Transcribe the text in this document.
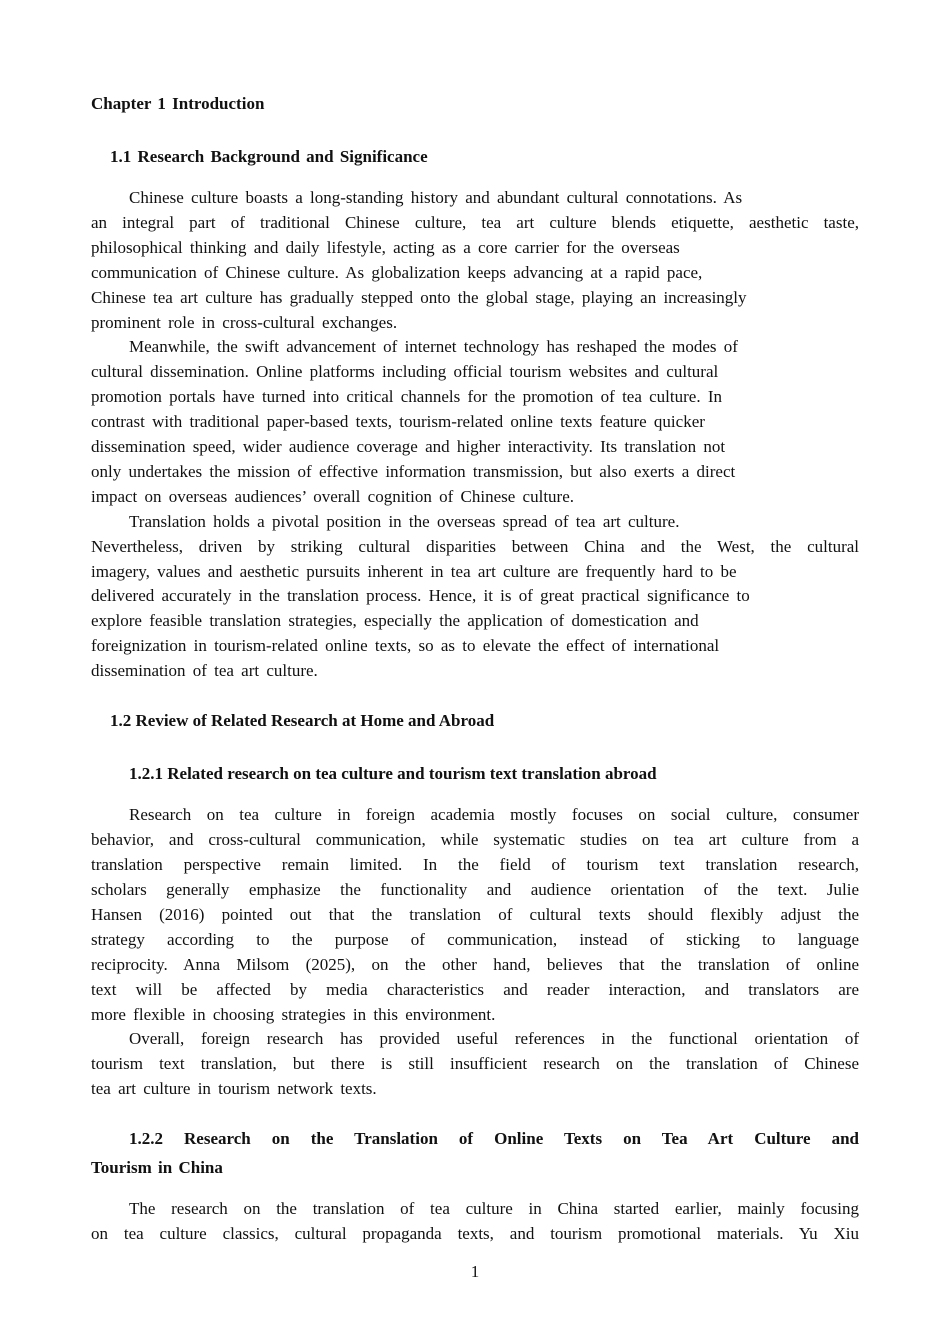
Chapter 1 Introduction
1.1 Research Background and Significance
Chinese culture boasts a long-standing history and abundant cultural connotations. As
an integral part of traditional Chinese culture, tea art culture blends etiquette, aesthetic taste,
philosophical thinking and daily lifestyle, acting as a core carrier for the overseas
communication of Chinese culture. As globalization keeps advancing at a rapid pace,
Chinese tea art culture has gradually stepped onto the global stage, playing an increasingly
prominent role in cross-cultural exchanges.
Meanwhile, the swift advancement of internet technology has reshaped the modes of
cultural dissemination. Online platforms including official tourism websites and cultural
promotion portals have turned into critical channels for the promotion of tea culture. In
contrast with traditional paper-based texts, tourism-related online texts feature quicker
dissemination speed, wider audience coverage and higher interactivity. Its translation not
only undertakes the mission of effective information transmission, but also exerts a direct
impact on overseas audiences’ overall cognition of Chinese culture.
Translation holds a pivotal position in the overseas spread of tea art culture.
Nevertheless, driven by striking cultural disparities between China and the West, the cultural
imagery, values and aesthetic pursuits inherent in tea art culture are frequently hard to be
delivered accurately in the translation process. Hence, it is of great practical significance to
explore feasible translation strategies, especially the application of domestication and
foreignization in tourism-related online texts, so as to elevate the effect of international
dissemination of tea art culture.
1.2 Review of Related Research at Home and Abroad
1.2.1 Related research on tea culture and tourism text translation abroad
Research on tea culture in foreign academia mostly focuses on social culture, consumer
behavior, and cross-cultural communication, while systematic studies on tea art culture from a
translation perspective remain limited. In the field of tourism text translation research,
scholars generally emphasize the functionality and audience orientation of the text. Julie
Hansen (2016) pointed out that the translation of cultural texts should flexibly adjust the
strategy according to the purpose of communication, instead of sticking to language
reciprocity. Anna Milsom (2025), on the other hand, believes that the translation of online
text will be affected by media characteristics and reader interaction, and translators are
more flexible in choosing strategies in this environment.
Overall, foreign research has provided useful references in the functional orientation of
tourism text translation, but there is still insufficient research on the translation of Chinese
tea art culture in tourism network texts.
1.2.2 Research on the Translation of Online Texts on Tea Art Culture and
Tourism in China
The research on the translation of tea culture in China started earlier, mainly focusing
on tea culture classics, cultural propaganda texts, and tourism promotional materials. Yu Xiu
1
